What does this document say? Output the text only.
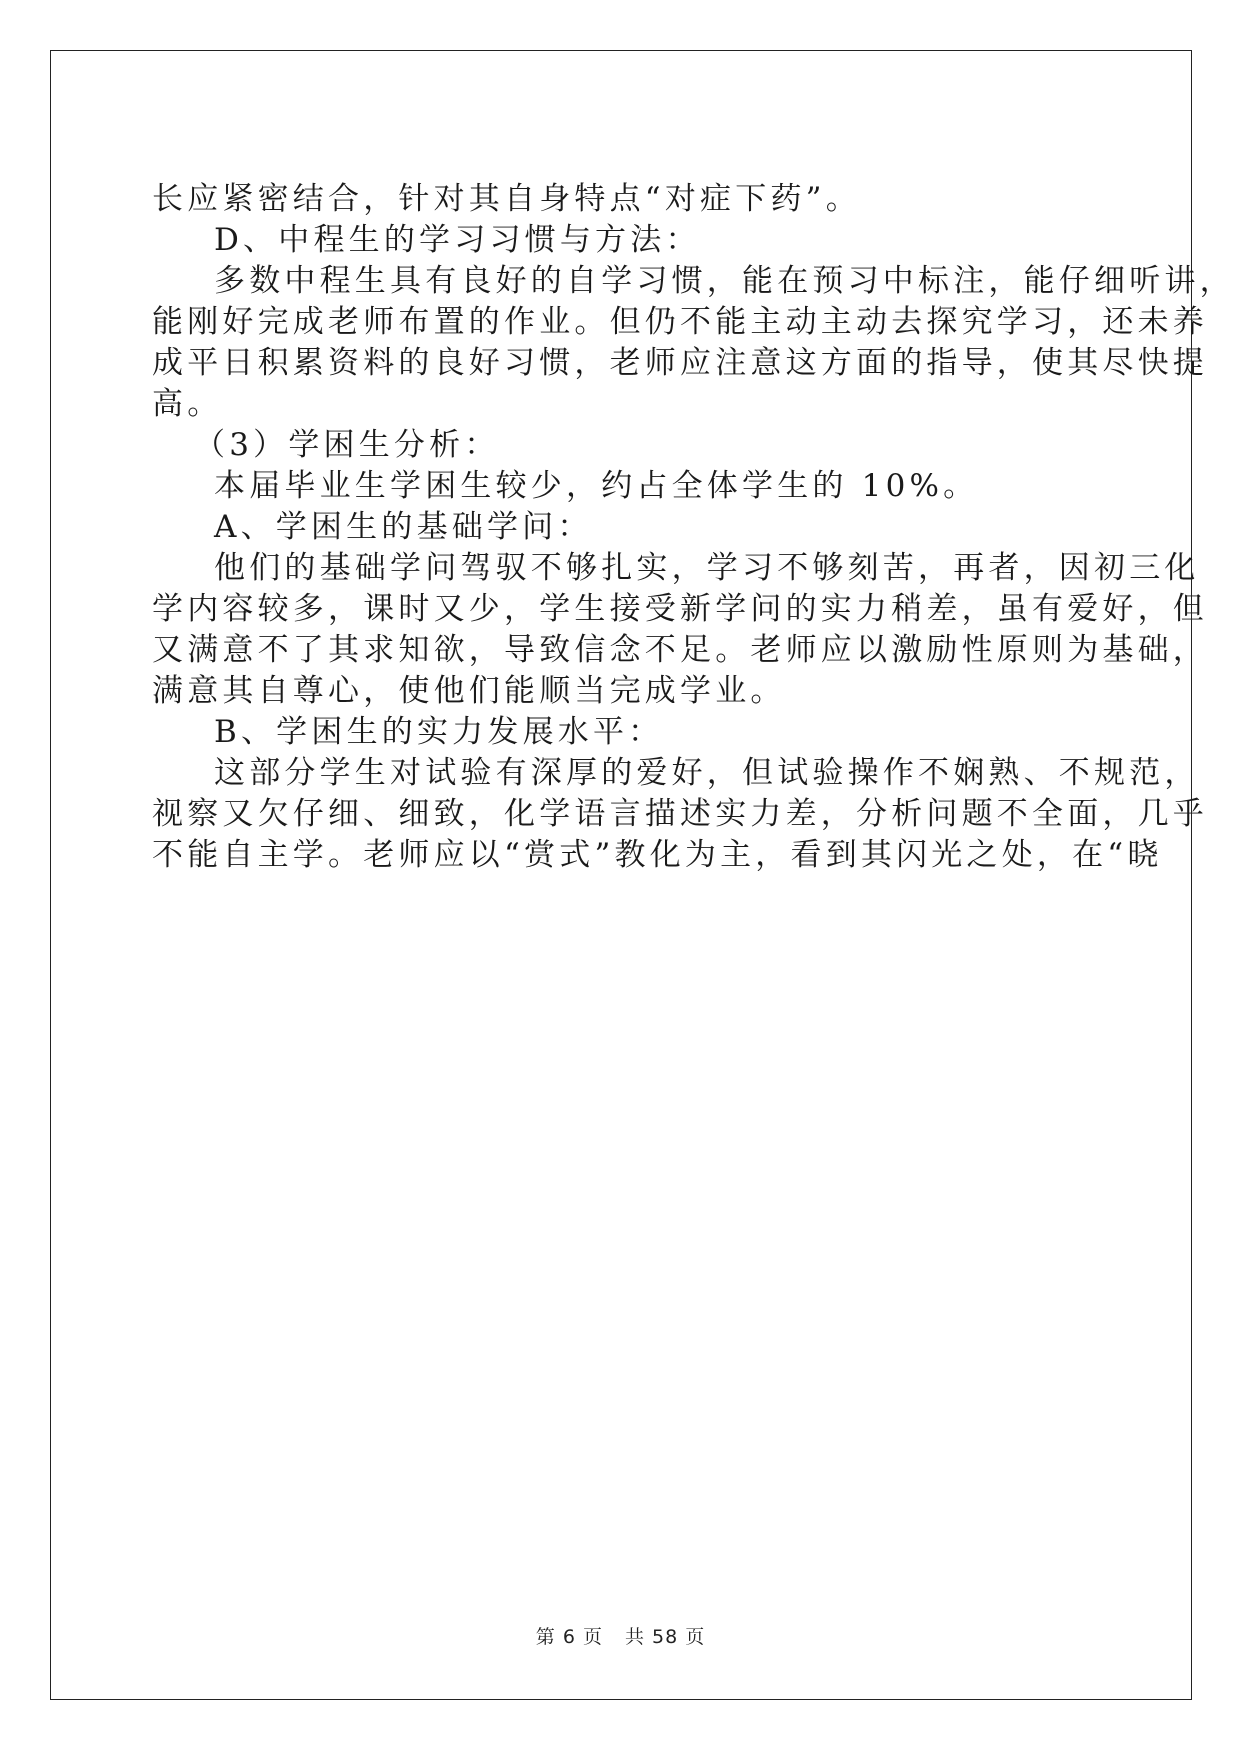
长应紧密结合，针对其自身特点“对症下药”。
D、中程生的学习习惯与方法：
多数中程生具有良好的自学习惯，能在预习中标注，能仔细听讲，
能刚好完成老师布置的作业。但仍不能主动主动去探究学习，还未养
成平日积累资料的良好习惯，老师应注意这方面的指导，使其尽快提
高。
（3）学困生分析：
本届毕业生学困生较少，约占全体学生的 10%。
A、学困生的基础学问：
他们的基础学问驾驭不够扎实，学习不够刻苦，再者，因初三化
学内容较多，课时又少，学生接受新学问的实力稍差，虽有爱好，但
又满意不了其求知欲，导致信念不足。老师应以激励性原则为基础，
满意其自尊心，使他们能顺当完成学业。
B、学困生的实力发展水平：
这部分学生对试验有深厚的爱好，但试验操作不娴熟、不规范，
视察又欠仔细、细致，化学语言描述实力差，分析问题不全面，几乎
不能自主学。老师应以“赏式”教化为主，看到其闪光之处，在“晓
第 6 页 共 58 页
